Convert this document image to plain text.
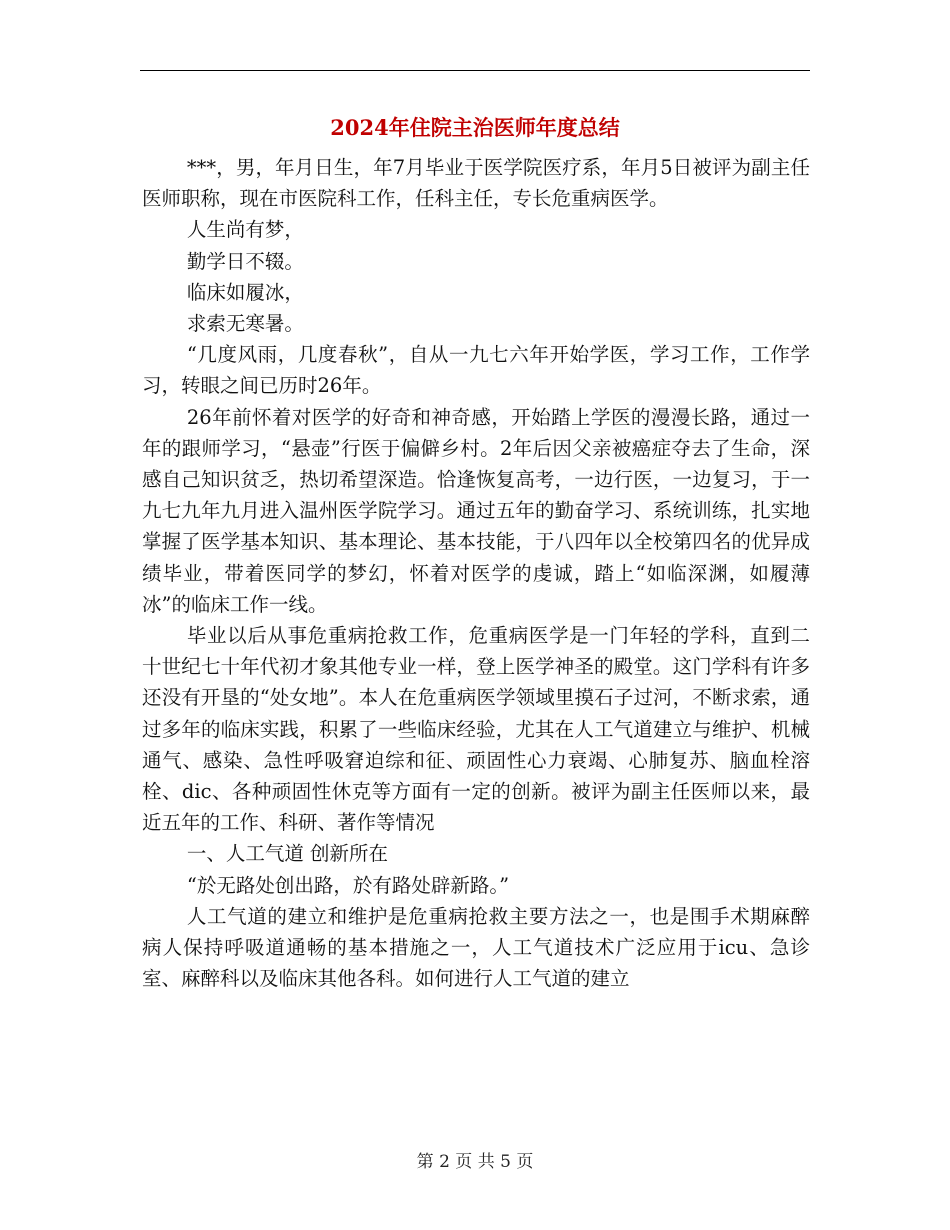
2024年住院主治医师年度总结

***，男，年月日生，年7月毕业于医学院医疗系，年月5日被评为副主任医师职称，现在市医院科工作，任科主任，专长危重病医学。

人生尚有梦，

勤学日不辍。

临床如履冰，

求索无寒暑。

“几度风雨，几度春秋”，自从一九七六年开始学医，学习工作，工作学习，转眼之间已历时26年。

26年前怀着对医学的好奇和神奇感，开始踏上学医的漫漫长路，通过一年的跟师学习，“悬壶”行医于偏僻乡村。2年后因父亲被癌症夺去了生命，深感自己知识贫乏，热切希望深造。恰逢恢复高考，一边行医，一边复习，于一九七九年九月进入温州医学院学习。通过五年的勤奋学习、系统训练，扎实地掌握了医学基本知识、基本理论、基本技能，于八四年以全校第四名的优异成绩毕业，带着医同学的梦幻，怀着对医学的虔诚，踏上“如临深渊，如履薄冰”的临床工作一线。

毕业以后从事危重病抢救工作，危重病医学是一门年轻的学科，直到二十世纪七十年代初才象其他专业一样，登上医学神圣的殿堂。这门学科有许多还没有开垦的“处女地”。本人在危重病医学领域里摸石子过河，不断求索，通过多年的临床实践，积累了一些临床经验，尤其在人工气道建立与维护、机械通气、感染、急性呼吸窘迫综和征、顽固性心力衰竭、心肺复苏、脑血栓溶栓、dic、各种顽固性休克等方面有一定的创新。被评为副主任医师以来，最近五年的工作、科研、著作等情况

一、人工气道 创新所在

“於无路处创出路，於有路处辟新路。”

人工气道的建立和维护是危重病抢救主要方法之一，也是围手术期麻醉病人保持呼吸道通畅的基本措施之一，人工气道技术广泛应用于icu、急诊室、麻醉科以及临床其他各科。如何进行人工气道的建立

第 2 页 共 5 页
